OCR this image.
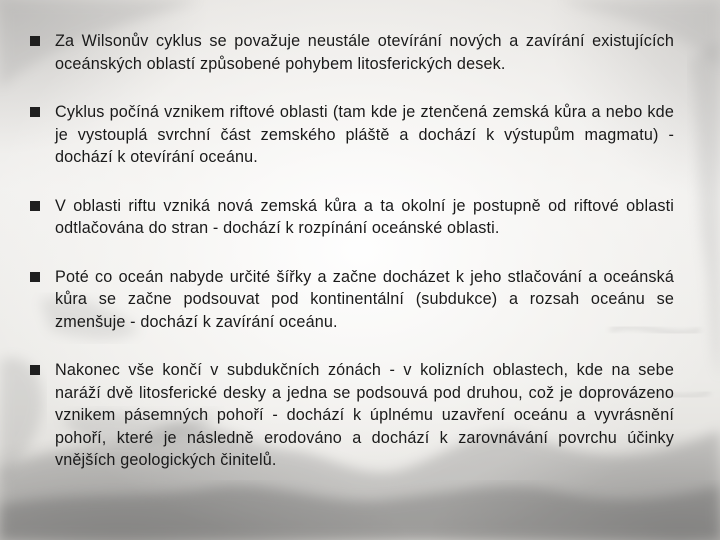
Za Wilsonův cyklus se považuje neustále otevírání nových a zavírání existujících oceánských oblastí způsobené pohybem litosferických desek.
Cyklus počíná vznikem riftové oblasti (tam kde je ztenčená zemská kůra a nebo kde je vystouplá svrchní část zemského pláště a dochází k výstupům magmatu) - dochází k otevírání oceánu.
V oblasti riftu vzniká nová zemská kůra a ta okolní je postupně od riftové oblasti odtlačována do stran - dochází k rozpínání oceánské oblasti.
Poté co oceán nabyde určité šířky a začne docházet k jeho stlačování a oceánská kůra se začne podsouvat pod kontinentální (subdukce) a rozsah oceánu se zmenšuje - dochází k zavírání oceánu.
Nakonec vše končí v subdukčních zónách - v kolizních oblastech, kde na sebe naráží dvě litosferické desky a jedna se podsouvá pod druhou, což je doprovázeno vznikem pásemných pohoří - dochází k úplnému uzavření oceánu a vyvrásnění pohoří, které je následně erodováno a dochází k zarovnávání povrchu účinky vnějších geologických činitelů.
